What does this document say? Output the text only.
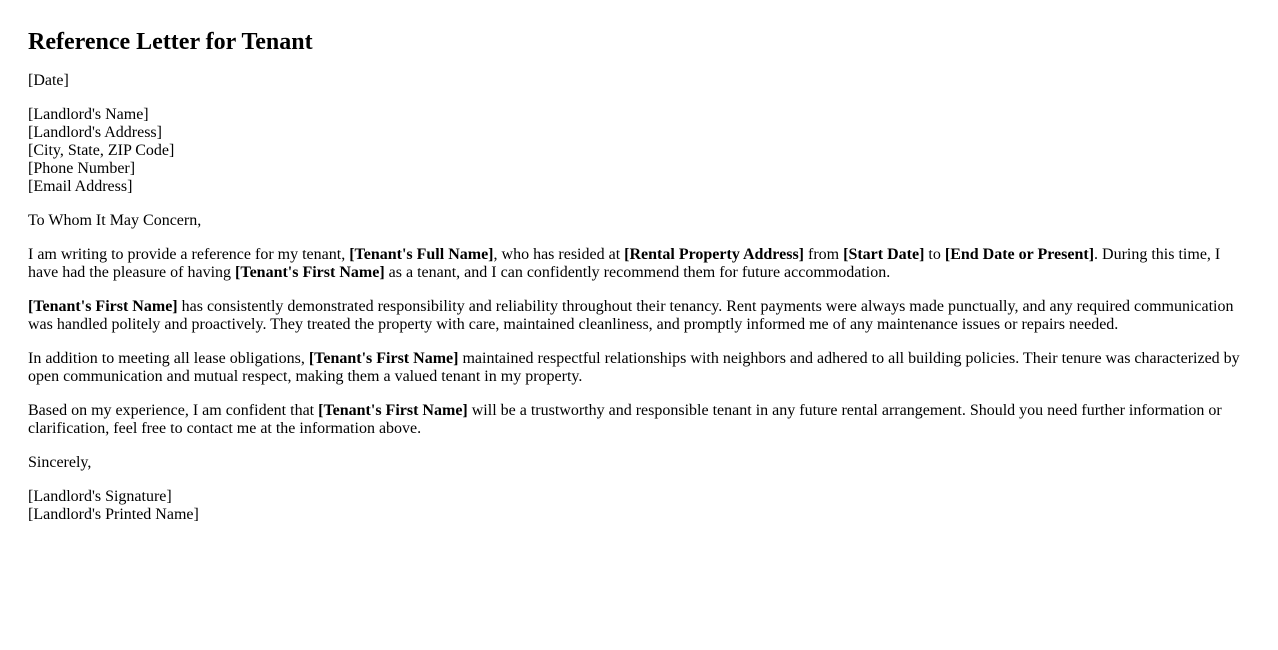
Reference Letter for Tenant

[Date]

[Landlord's Name]
[Landlord's Address]
[City, State, ZIP Code]
[Phone Number]
[Email Address]

To Whom It May Concern,

I am writing to provide a reference for my tenant, [Tenant's Full Name], who has resided at [Rental Property Address] from [Start Date] to [End Date or Present]. During this time, I have had the pleasure of having [Tenant's First Name] as a tenant, and I can confidently recommend them for future accommodation.

[Tenant's First Name] has consistently demonstrated responsibility and reliability throughout their tenancy. Rent payments were always made punctually, and any required communication was handled politely and proactively. They treated the property with care, maintained cleanliness, and promptly informed me of any maintenance issues or repairs needed.

In addition to meeting all lease obligations, [Tenant's First Name] maintained respectful relationships with neighbors and adhered to all building policies. Their tenure was characterized by open communication and mutual respect, making them a valued tenant in my property.

Based on my experience, I am confident that [Tenant's First Name] will be a trustworthy and responsible tenant in any future rental arrangement. Should you need further information or clarification, feel free to contact me at the information above.

Sincerely,

[Landlord's Signature]
[Landlord's Printed Name]
